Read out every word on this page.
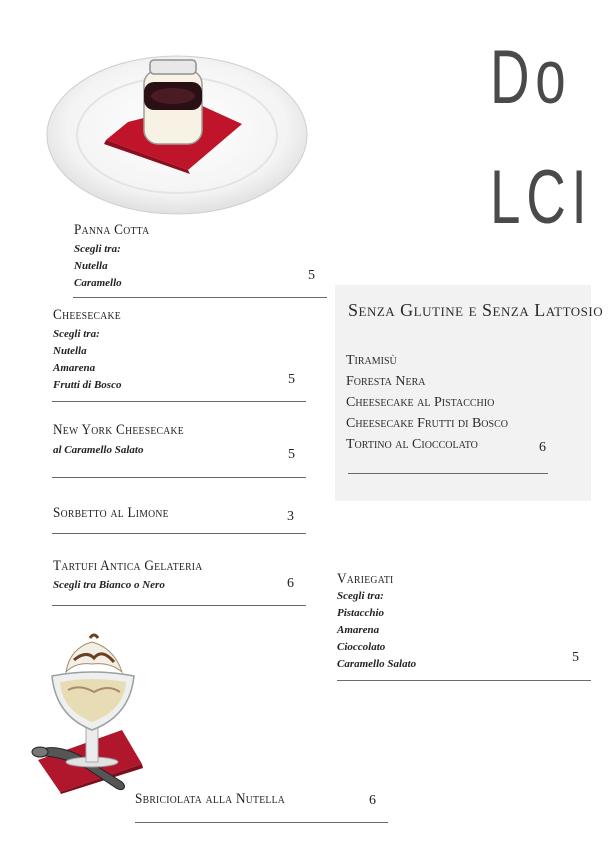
Do
LCI
Panna Cotta
Scegli tra:
Nutella
Caramello	5
Cheesecake
Scegli tra:
Nutella
Amarena
Frutti di Bosco	5
New York Cheesecake
al Caramello Salato	5
Sorbetto al Limone	3
Tartufi Antica Gelateria
Scegli tra Bianco o Nero	6
Senza Glutine e Senza Lattosio
Tiramisù
Foresta Nera
Cheesecake al Pistacchio
Cheesecake Frutti di Bosco
Tortino al Cioccolato	6
Variegati
Scegli tra:
Pistacchio
Amarena
Cioccolato
Caramello Salato	5
Sbriciolata alla Nutella	6
